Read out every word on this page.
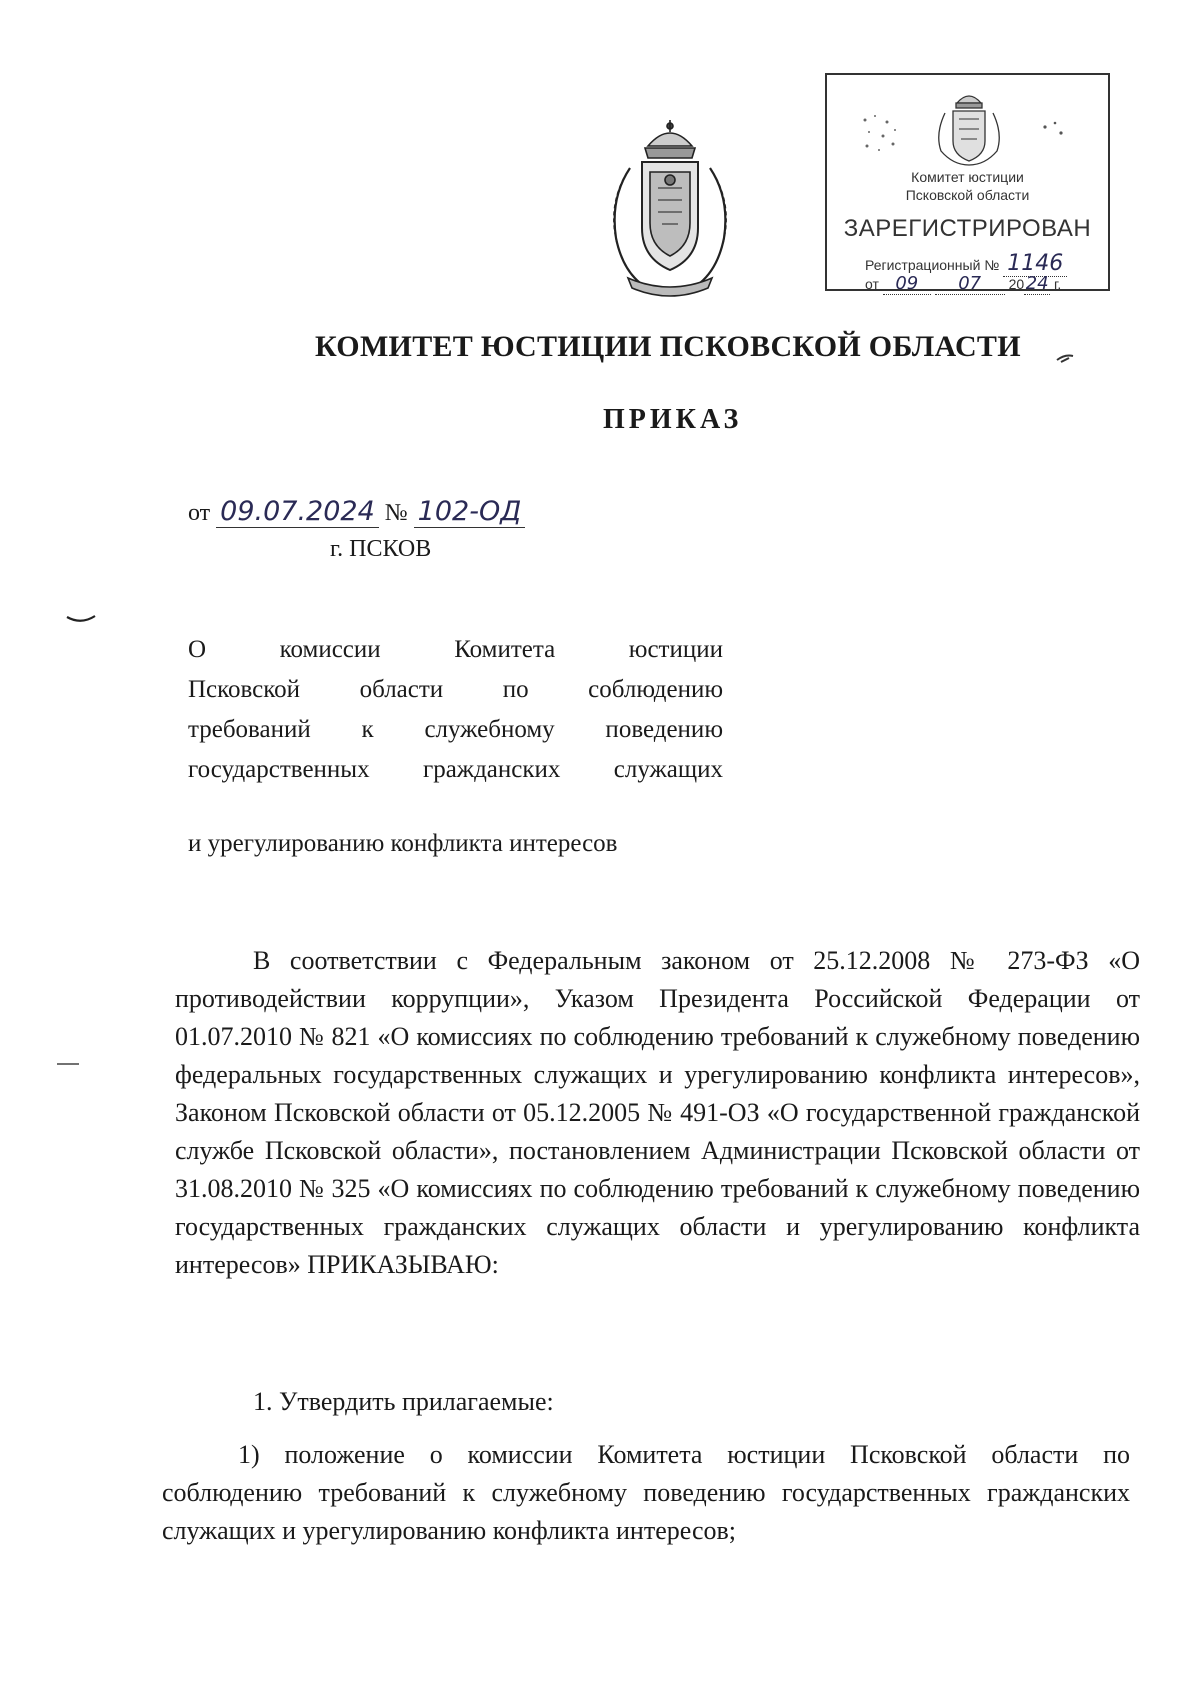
Комитет юстиции
Псковской области
ЗАРЕГИСТРИРОВАН
Регистрационный № 1146
от 09 07 2024 г.
КОМИТЕТ ЮСТИЦИИ ПСКОВСКОЙ ОБЛАСТИ
ПРИКАЗ
от 09.07.2024 № 102-ОД
г. ПСКОВ
О комиссии Комитета юстиции
Псковской области по соблюдению
требований к служебному поведению
государственных гражданских служащих
и урегулированию конфликта интересов

В соответствии с Федеральным законом от 25.12.2008 № 273-ФЗ «О противодействии коррупции», Указом Президента Российской Федерации от 01.07.2010 № 821 «О комиссиях по соблюдению требований к служебному поведению федеральных государственных служащих и урегулированию конфликта интересов», Законом Псковской области от 05.12.2005 № 491-ОЗ «О государственной гражданской службе Псковской области», постановлением Администрации Псковской области от 31.08.2010 № 325 «О комиссиях по соблюдению требований к служебному поведению государственных гражданских служащих области и урегулированию конфликта интересов» ПРИКАЗЫВАЮ:

1. Утвердить прилагаемые:

1) положение о комиссии Комитета юстиции Псковской области по соблюдению требований к служебному поведению государственных гражданских служащих и урегулированию конфликта интересов;
